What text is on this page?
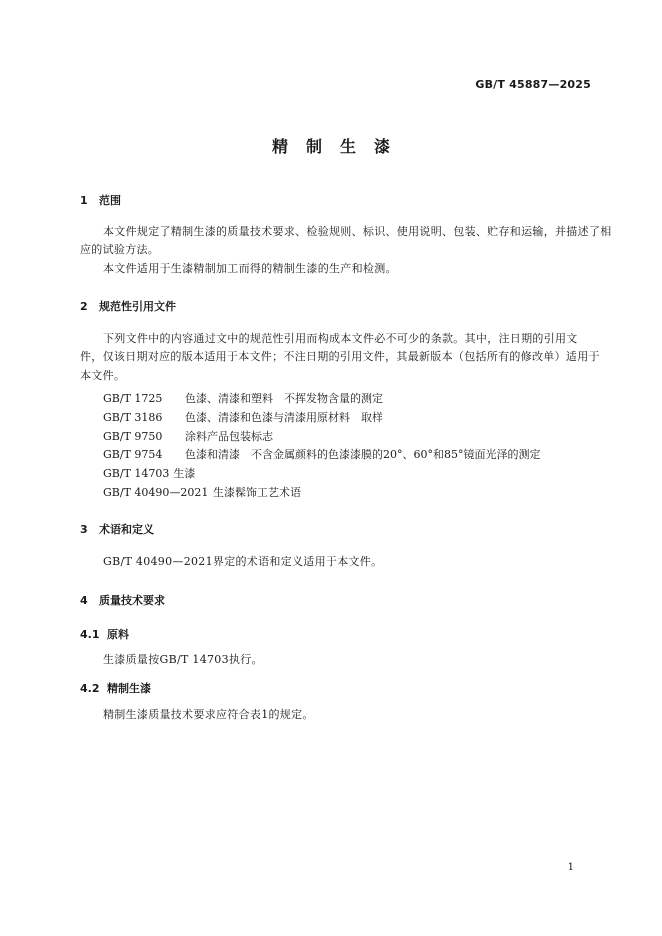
GB/T 45887—2025
精制生漆
1 范围
本文件规定了精制生漆的质量技术要求、检验规则、标识、使用说明、包装、贮存和运输，并描述了相
应的试验方法。
本文件适用于生漆精制加工而得的精制生漆的生产和检测。
2 规范性引用文件
下列文件中的内容通过文中的规范性引用而构成本文件必不可少的条款。其中，注日期的引用文
件，仅该日期对应的版本适用于本文件；不注日期的引用文件，其最新版本（包括所有的修改单）适用于
本文件。
GB/T 1725 色漆、清漆和塑料　不挥发物含量的测定
GB/T 3186 色漆、清漆和色漆与清漆用原材料　取样
GB/T 9750 涂料产品包装标志
GB/T 9754 色漆和清漆　不含金属颜料的色漆漆膜的20°、60°和85°镜面光泽的测定
GB/T 14703 生漆
GB/T 40490—2021 生漆髹饰工艺术语
3 术语和定义
GB/T 40490—2021界定的术语和定义适用于本文件。
4 质量技术要求
4.1 原料
生漆质量按GB/T 14703执行。
4.2 精制生漆
精制生漆质量技术要求应符合表1的规定。
1
